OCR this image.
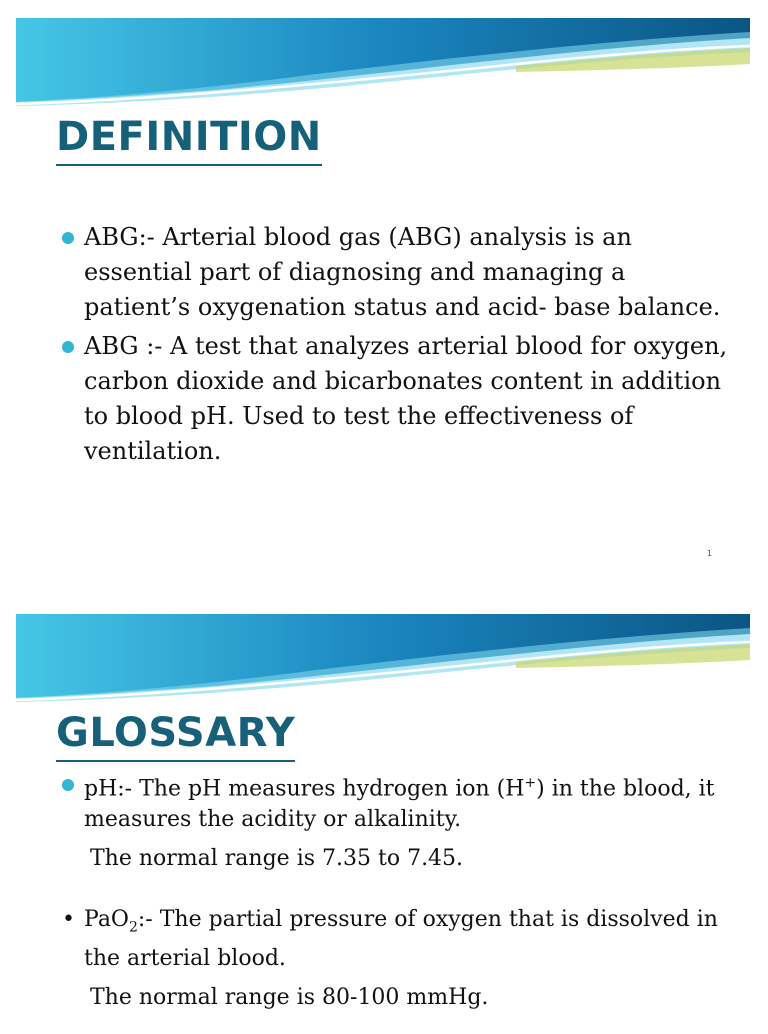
DEFINITION
ABG:- Arterial blood gas (ABG) analysis is an essential part of diagnosing and managing a patient’s oxygenation status and acid- base balance.
ABG :- A test that analyzes arterial blood for oxygen, carbon dioxide and bicarbonates content in addition to blood pH. Used to test the effectiveness of ventilation.
1
GLOSSARY
pH:- The pH measures hydrogen ion (H+) in the blood, it measures the acidity or alkalinity.
The normal range is 7.35 to 7.45.
• PaO$_2$:- The partial pressure of oxygen that is dissolved in the arterial blood.
The normal range is 80-100 mmHg.
